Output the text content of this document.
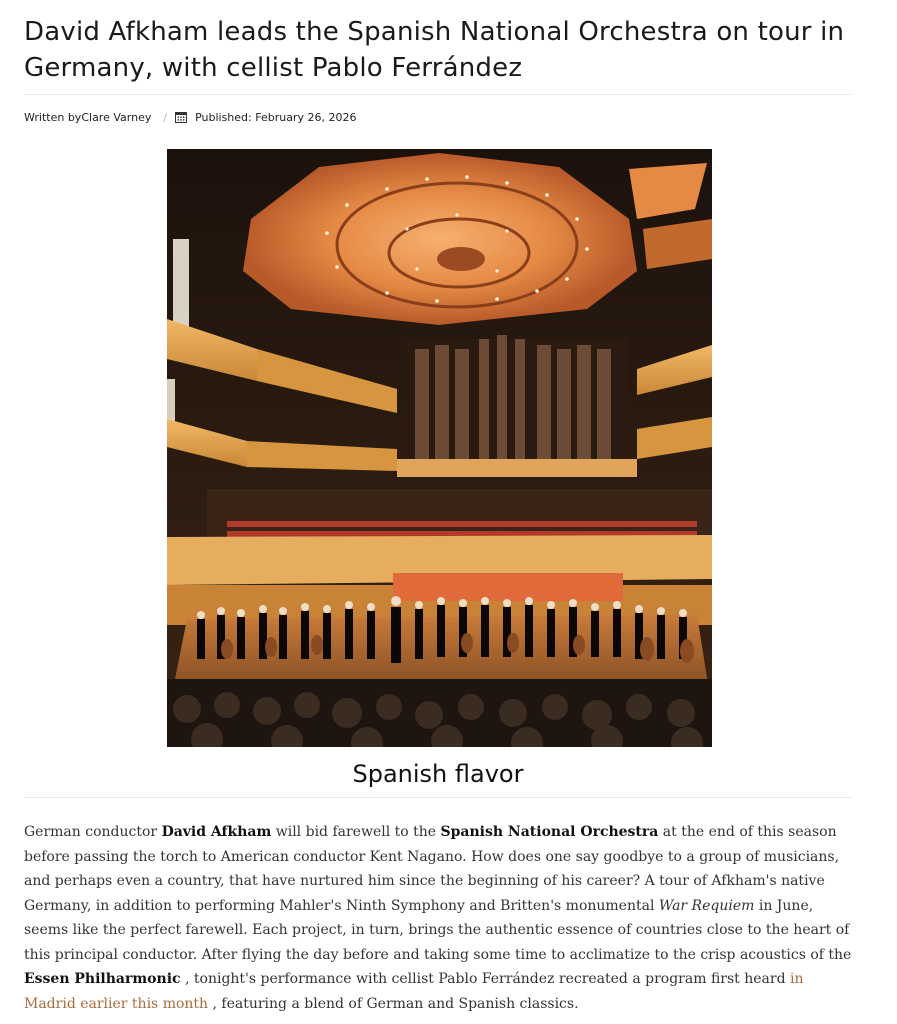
David Afkham leads the Spanish National Orchestra on tour in Germany, with cellist Pablo Ferrández
Written by Clare Varney /	Published: February 26, 2026
Spanish flavor

German conductor David Afkham will bid farewell to the Spanish National Orchestra at the end of this season before passing the torch to American conductor Kent Nagano. How does one say goodbye to a group of musicians, and perhaps even a country, that have nurtured him since the beginning of his career? A tour of Afkham's native Germany, in addition to performing Mahler's Ninth Symphony and Britten's monumental War Requiem in June, seems like the perfect farewell. Each project, in turn, brings the authentic essence of countries close to the heart of this principal conductor. After flying the day before and taking some time to acclimatize to the crisp acoustics of the Essen Philharmonic , tonight's performance with cellist Pablo Ferrández recreated a program first heard in Madrid earlier this month , featuring a blend of German and Spanish classics.
